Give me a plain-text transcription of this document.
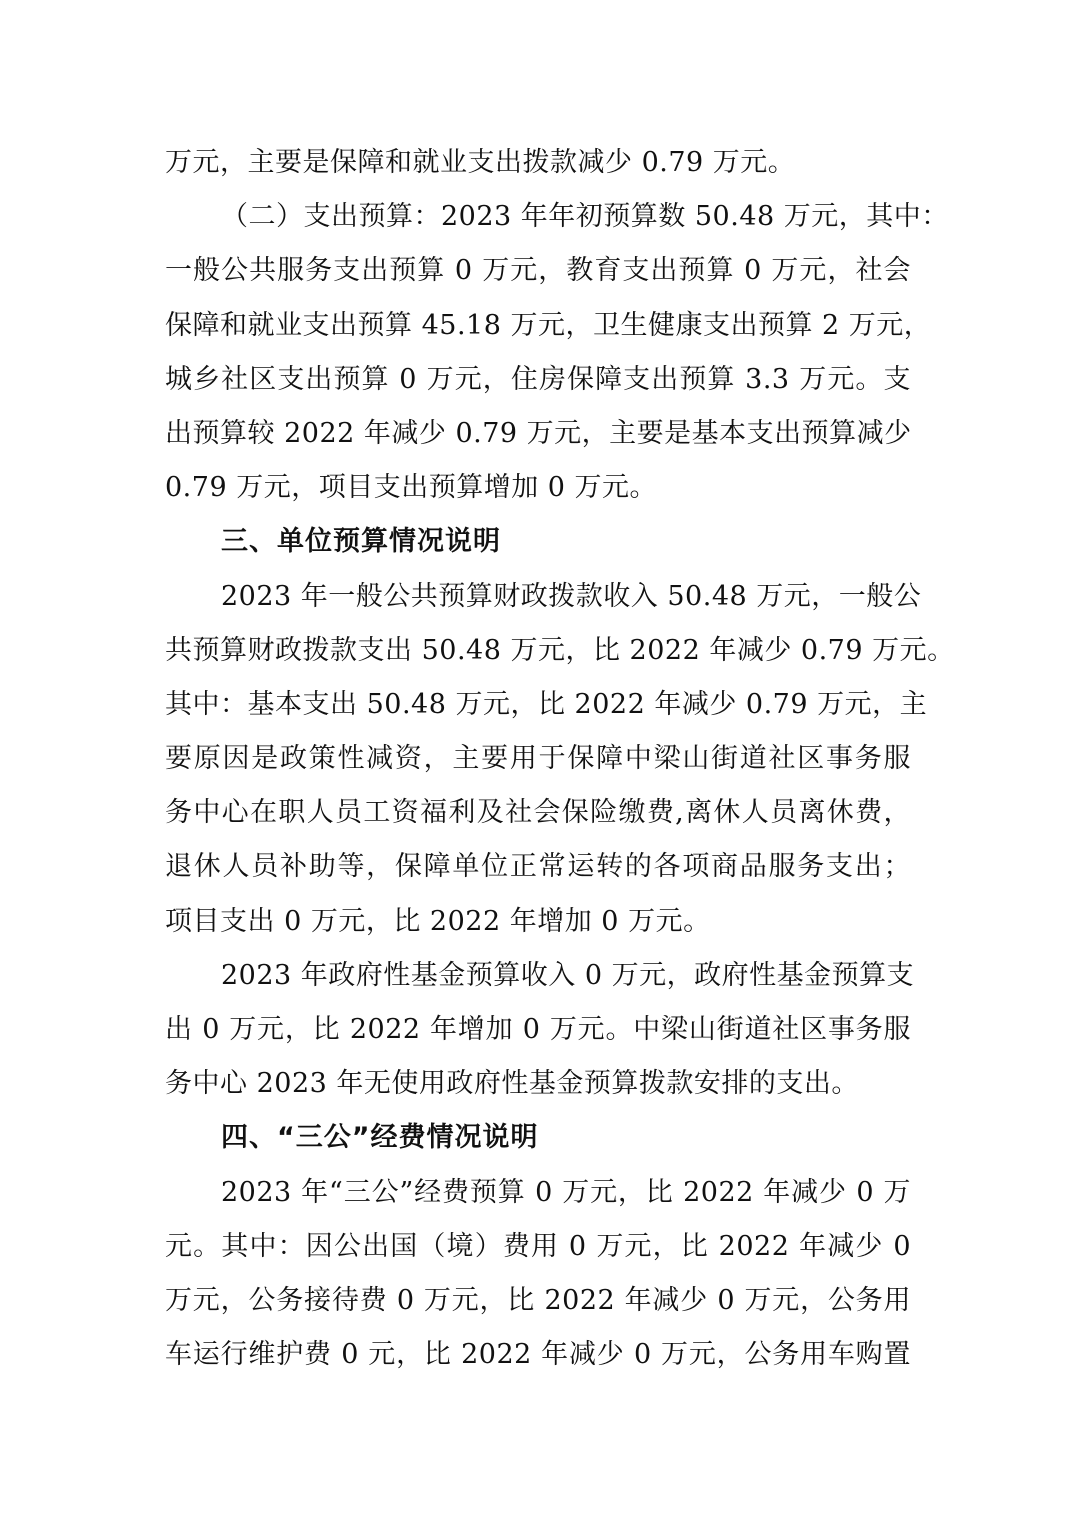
万元，主要是保障和就业支出拨款减少 0.79 万元。
（二）支出预算：2023 年年初预算数 50.48 万元，其中：
一般公共服务支出预算 0 万元，教育支出预算 0 万元，社会
保障和就业支出预算 45.18 万元，卫生健康支出预算 2 万元，
城乡社区支出预算 0 万元，住房保障支出预算 3.3 万元。支
出预算较 2022 年减少 0.79 万元，主要是基本支出预算减少
0.79 万元，项目支出预算增加 0 万元。
三、单位预算情况说明
2023 年一般公共预算财政拨款收入 50.48 万元，一般公
共预算财政拨款支出 50.48 万元，比 2022 年减少 0.79 万元。
其中：基本支出 50.48 万元，比 2022 年减少 0.79 万元，主
要原因是政策性减资，主要用于保障中梁山街道社区事务服
务中心在职人员工资福利及社会保险缴费,离休人员离休费，
退休人员补助等，保障单位正常运转的各项商品服务支出；
项目支出 0 万元，比 2022 年增加 0 万元。
2023 年政府性基金预算收入 0 万元，政府性基金预算支
出 0 万元，比 2022 年增加 0 万元。中梁山街道社区事务服
务中心 2023 年无使用政府性基金预算拨款安排的支出。
四、“三公”经费情况说明
2023 年“三公”经费预算 0 万元，比 2022 年减少 0 万
元。其中：因公出国（境）费用 0 万元，比 2022 年减少 0
万元，公务接待费 0 万元，比 2022 年减少 0 万元，公务用
车运行维护费 0 元，比 2022 年减少 0 万元，公务用车购置
